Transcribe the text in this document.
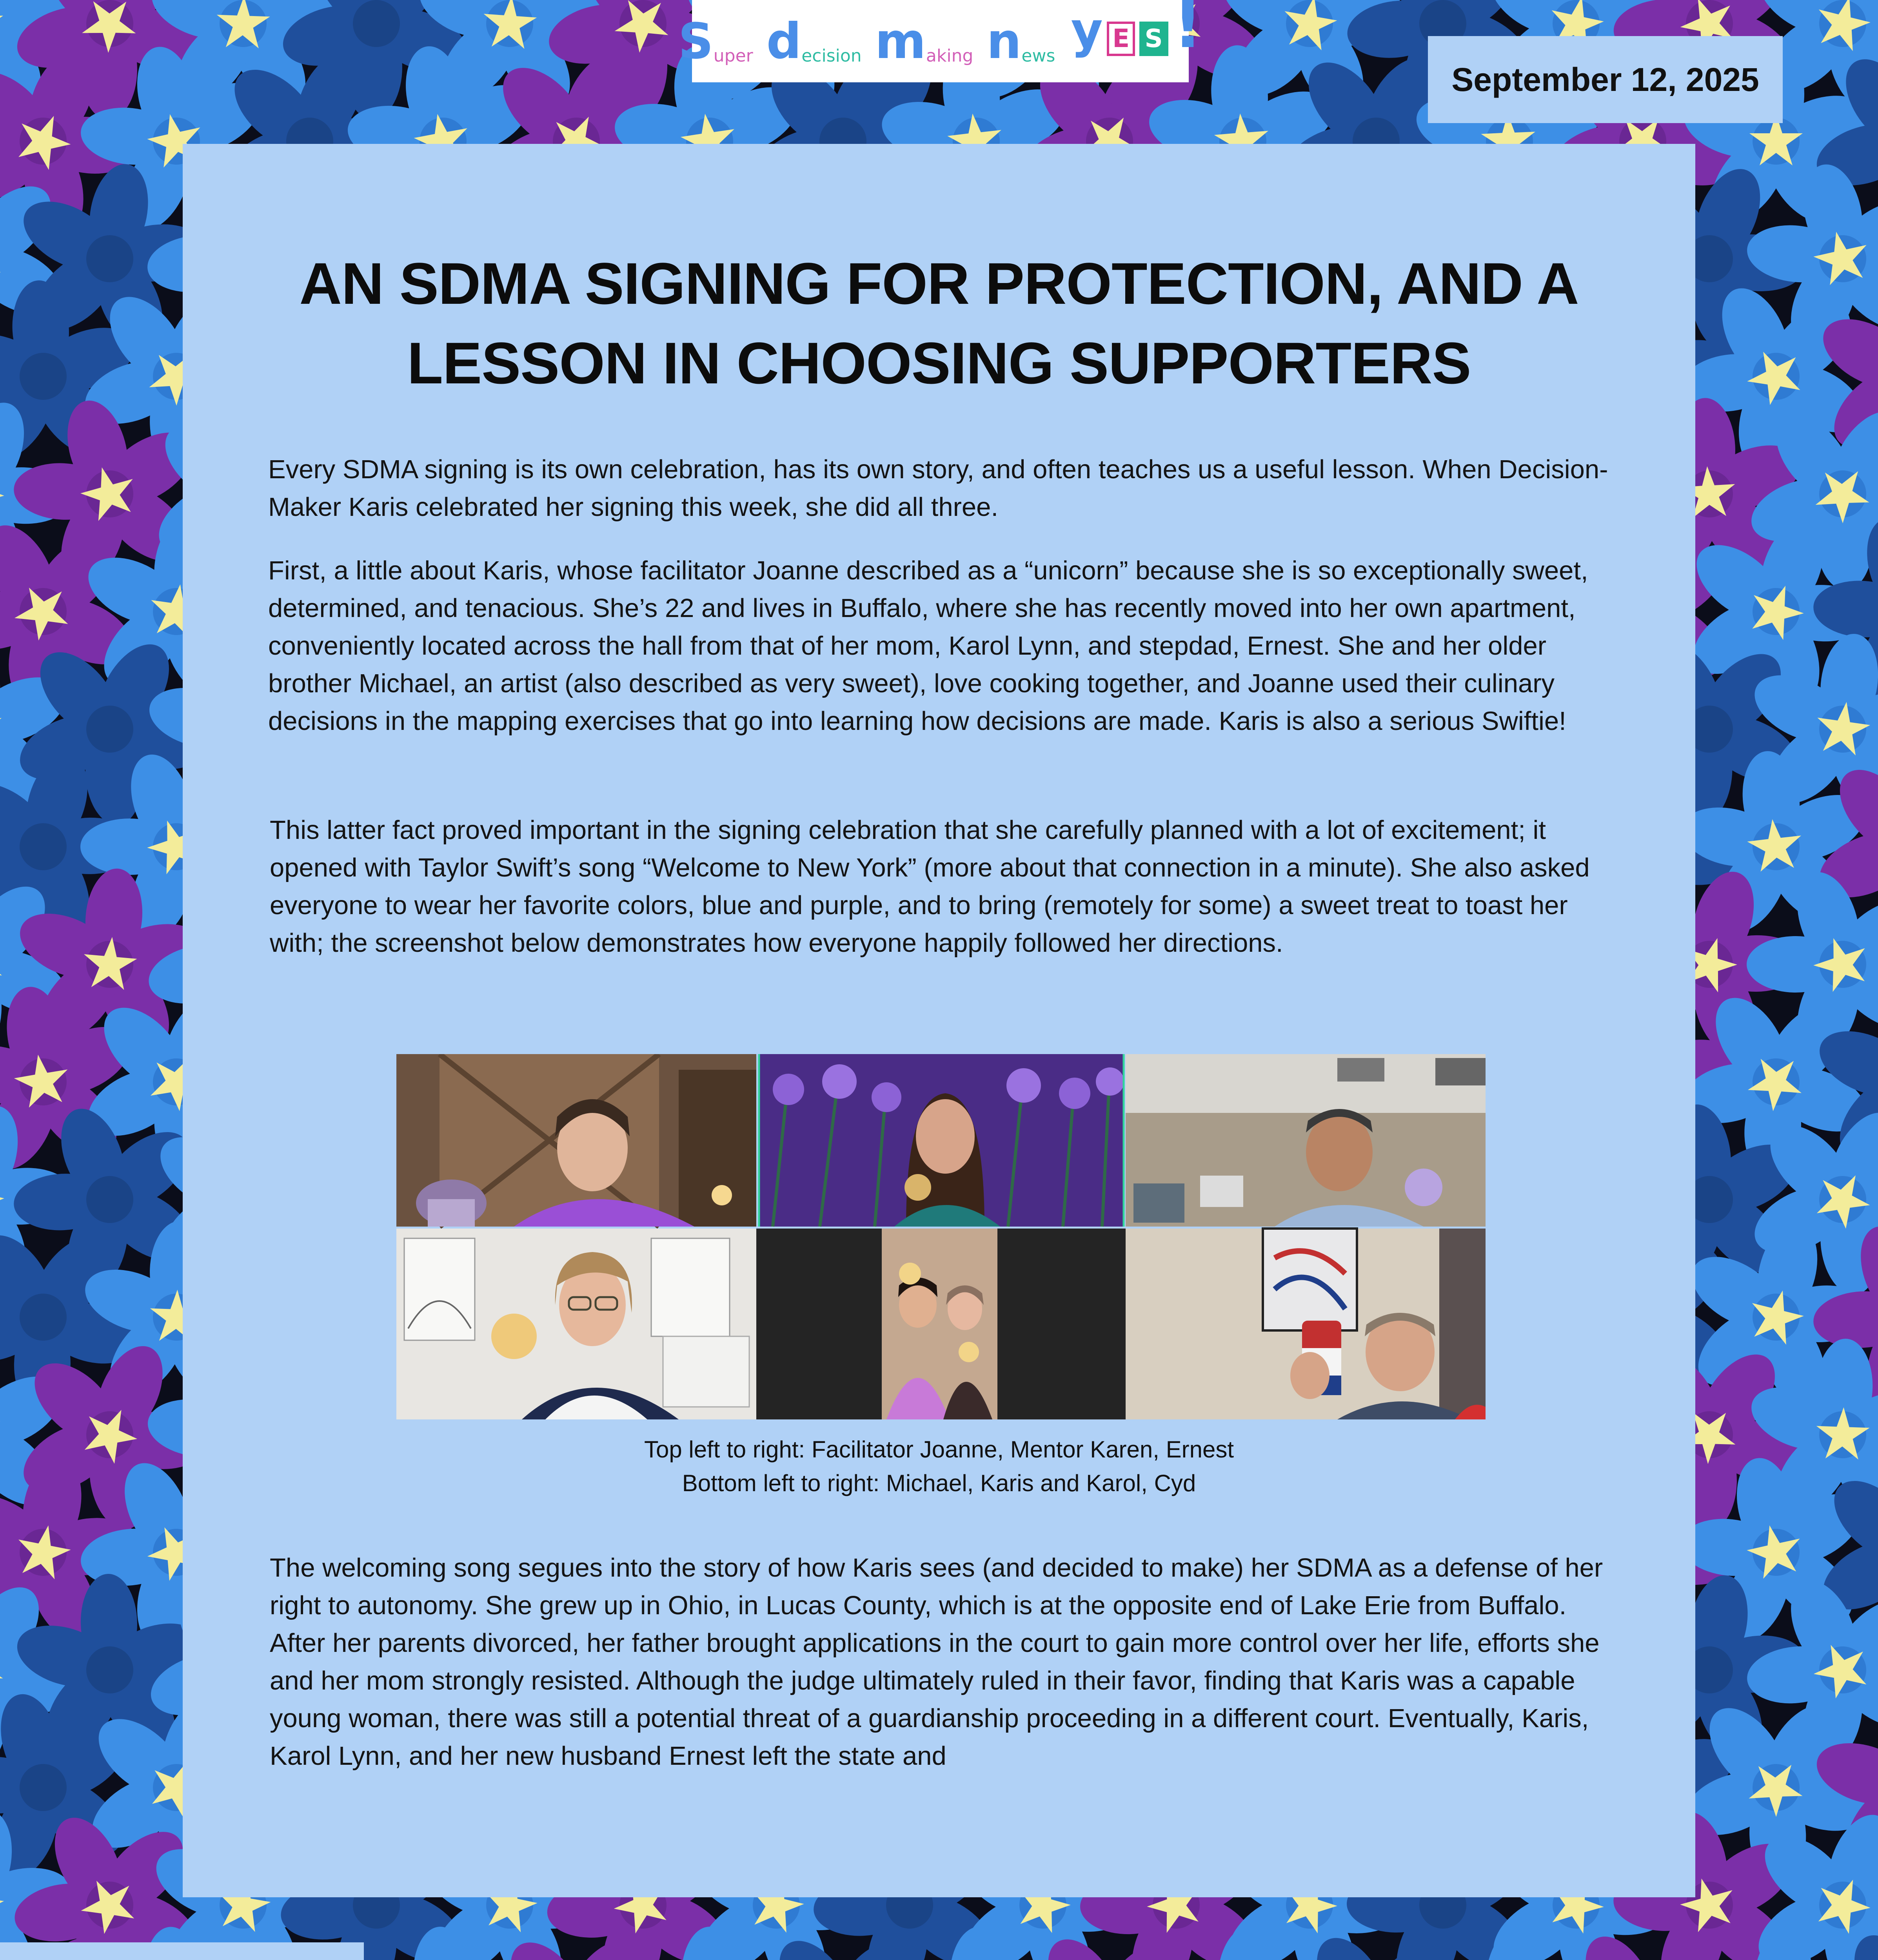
S uper d ecision m aking n ews y E S !
September 12, 2025
AN SDMA SIGNING FOR PROTECTION, AND A
LESSON IN CHOOSING SUPPORTERS

Every SDMA signing is its own celebration, has its own story, and often teaches us a useful lesson. When Decision-Maker Karis celebrated her signing this week, she did all three.

First, a little about Karis, whose facilitator Joanne described as a “unicorn” because she is so exceptionally sweet, determined, and tenacious. She’s 22 and lives in Buffalo, where she has recently moved into her own apartment, conveniently located across the hall from that of her mom, Karol Lynn, and stepdad, Ernest. She and her older brother Michael, an artist (also described as very sweet), love cooking together, and Joanne used their culinary decisions in the mapping exercises that go into learning how decisions are made. Karis is also a serious Swiftie!

This latter fact proved important in the signing celebration that she carefully planned with a lot of excitement; it opened with Taylor Swift’s song “Welcome to New York” (more about that connection in a minute). She also asked everyone to wear her favorite colors, blue and purple, and to bring (remotely for some) a sweet treat to toast her with; the screenshot below demonstrates how everyone happily followed her directions.

Top left to right: Facilitator Joanne, Mentor Karen, Ernest
Bottom left to right: Michael, Karis and Karol, Cyd

The welcoming song segues into the story of how Karis sees (and decided to make) her SDMA as a defense of her right to autonomy. She grew up in Ohio, in Lucas County, which is at the opposite end of Lake Erie from Buffalo. After her parents divorced, her father brought applications in the court to gain more control over her life, efforts she and her mom strongly resisted. Although the judge ultimately ruled in their favor, finding that Karis was a capable young woman, there was still a potential threat of a guardianship proceeding in a different court. Eventually, Karis, Karol Lynn, and her new husband Ernest left the state and
